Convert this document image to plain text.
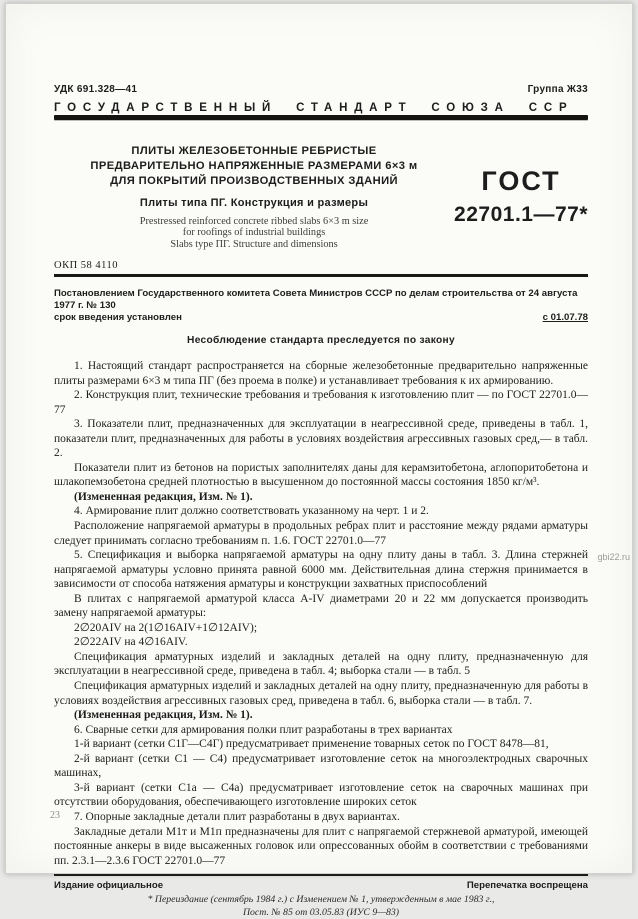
УДК 691.328—41	Группа Ж33
ГОСУДАРСТВЕННЫЙ СТАНДАРТ СОЮЗА ССР
ПЛИТЫ ЖЕЛЕЗОБЕТОННЫЕ РЕБРИСТЫЕ
ПРЕДВАРИТЕЛЬНО НАПРЯЖЕННЫЕ РАЗМЕРАМИ 6×3 м
ДЛЯ ПОКРЫТИЙ ПРОИЗВОДСТВЕННЫХ ЗДАНИЙ
Плиты типа ПГ. Конструкция и размеры
Prestressed reinforced concrete ribbed slabs 6×3 m size
for roofings of industrial buildings
Slabs type ПГ. Structure and dimensions
ГОСТ
22701.1—77*
ОКП 58 4110
Постановлением Государственного комитета Совета Министров СССР по делам строительства от 24 августа 1977 г. № 130
срок введения установлен	с 01.07.78
Несоблюдение стандарта преследуется по закону

1. Настоящий стандарт распространяется на сборные железобетонные предварительно напряженные плиты размерами 6×3 м типа ПГ (без проема в полке) и устанавливает требования к их армированию.

2. Конструкция плит, технические требования и требования к изготовлению плит — по ГОСТ 22701.0—77

3. Показатели плит, предназначенных для эксплуатации в неагрессивной среде, приведены в табл. 1, показатели плит, предназначенных для работы в условиях воздействия агрессивных газовых сред,— в табл. 2.

Показатели плит из бетонов на пористых заполнителях даны для керамзитобетона, аглопоритобетона и шлакопемзобетона средней плотностью в высушенном до постоянной массы состояния 1850 кг/м³.

(Измененная редакция, Изм. № 1).

4. Армирование плит должно соответствовать указанному на черт. 1 и 2.

Расположение напрягаемой арматуры в продольных ребрах плит и расстояние между рядами арматуры следует принимать согласно требованиям п. 1.6. ГОСТ 22701.0—77

5. Спецификация и выборка напрягаемой арматуры на одну плиту даны в табл. 3. Длина стержней напрягаемой арматуры условно принята равной 6000 мм. Действительная длина стержня принимается в зависимости от способа натяжения арматуры и конструкции захватных приспособлений

В плитах с напрягаемой арматурой класса А-IV диаметрами 20 и 22 мм допускается производить замену напрягаемой арматуры:

2∅20АIV на 2(1∅16АIV+1∅12АIV);

2∅22АIV на 4∅16АIV.

Спецификация арматурных изделий и закладных деталей на одну плиту, предназначенную для эксплуатации в неагрессивной среде, приведена в табл. 4; выборка стали — в табл. 5

Спецификация арматурных изделий и закладных деталей на одну плиту, предназначенную для работы в условиях воздействия агрессивных газовых сред, приведена в табл. 6, выборка стали — в табл. 7.

(Измененная редакция, Изм. № 1).

6. Сварные сетки для армирования полки плит разработаны в трех вариантах

1-й вариант (сетки С1Г—С4Г) предусматривает применение товарных сеток по ГОСТ 8478—81,

2-й вариант (сетки С1 — С4) предусматривает изготовление сеток на многоэлектродных сварочных машинах,

3-й вариант (сетки С1а — С4а) предусматривает изготовление сеток на сварочных машинах при отсутствии оборудования, обеспечивающего изготовление широких сеток

7. Опорные закладные детали плит разработаны в двух вариантах.

Закладные детали М1т и М1п предназначены для плит с напрягаемой стержневой арматурой, имеющей постоянные анкеры в виде высаженных головок или опрессованных обойм в соответствии с требованиями пп. 2.3.1—2.3.6 ГОСТ 22701.0—77

Издание официальное	Перепечатка воспрещена
* Переиздание (сентябрь 1984 г.) с Изменением № 1, утвержденным в мае 1983 г.,
Пост. № 85 от 03.05.83 (ИУС 9—83)
23
gbi22.ru
